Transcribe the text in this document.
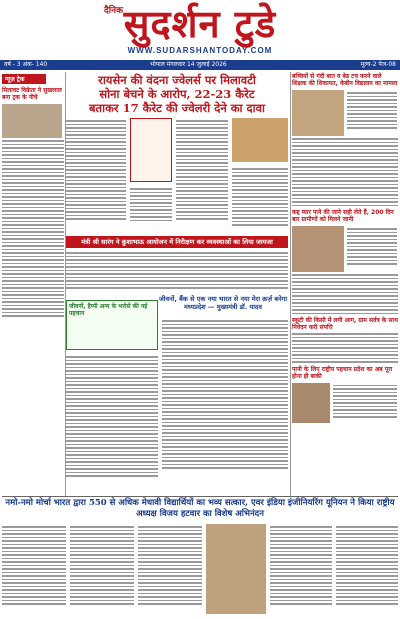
दैनिक सुदर्शन टुडे
WWW.SUDARSHANTODAY.COM
वर्ष - 3 अंक- 140	भोपाल मंगलवार 14 जुलाई 2026	मूल्य-2 पेज-08
न्यूज़ ट्रेक
मिलावट विक्रेता ने सुखलाल बना ट्रक के नीचे
रायसेन की वंदना ज्वेलर्स पर मिलावटी
सोना बेचने के आरोप, 22-23 कैरेट
बताकर 17 कैरेट की ज्वेलरी देने का दावा
मंत्री श्री सारंग ने कुशाभाऊ आयोजन में निरीक्षण कर व्यवस्थाओं का लिया जायजा
जीवनों, बैंक से एक नया भारत से नया मेरा क़र्ज़ बनेगा मध्यप्रदेश — मुख्यमंत्री डॉ. यादव
जीवनों, हैप्पी अन्य के भरोसे की नई पहचान
बच्चियों से गंदी बात व बेड टच करने वाले शिक्षक की शिकायत, केबीन विद्यालय का मामला
कद्द प्यार पाने की जाने सही लेते हैं, 200 दिन बार ग्रामीणों को मिलने जानी
स्कूटी की किसी में लगी आग, ग्राम सर्वत्र के साथ निवेदन करी संपत्ति
पानी के लिए राष्ट्रीय पहचान प्रदेश का अब पूरा होना ही बाकी
नमो-नमो मोर्चा भारत द्वारा 550 से अधिक मेधावी विद्यार्थियों का भव्य सत्कार, एवर इंडिया इंजीनियरिंग यूनियन ने किया राष्ट्रीय अध्यक्ष विजय हटवार का विशेष अभिनंदन
